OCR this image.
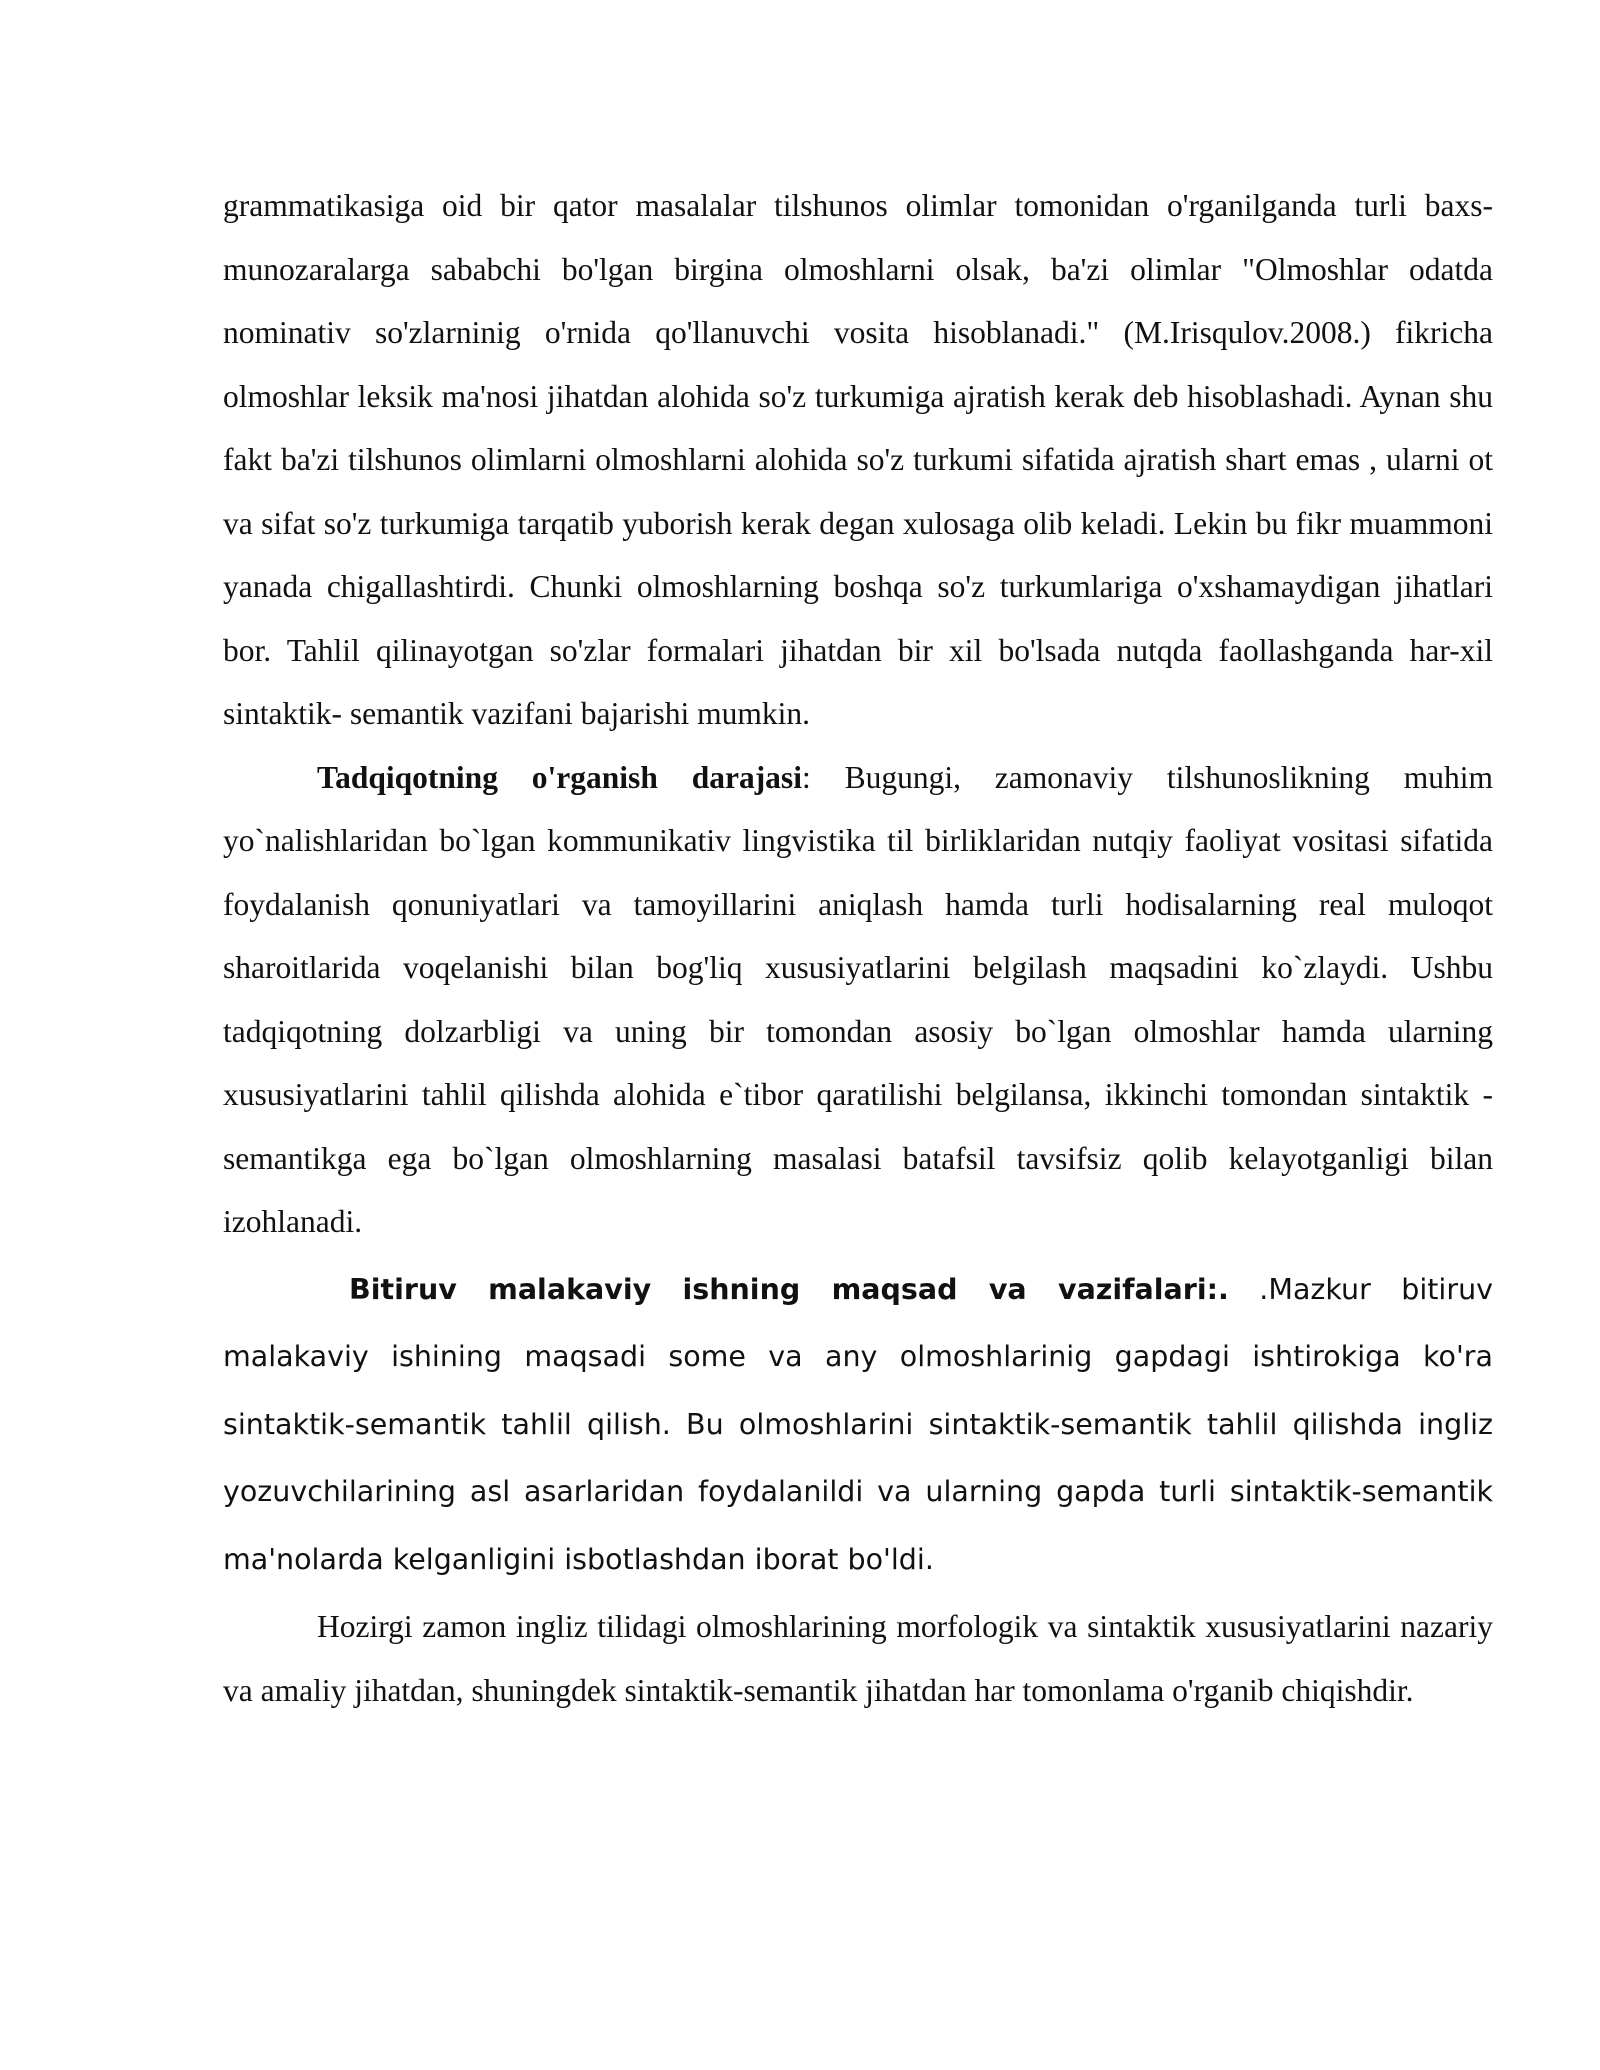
grammatikasiga oid bir qator masalalar tilshunos olimlar tomonidan o'rganilganda turli baxs-munozaralarga sababchi bo'lgan birgina olmoshlarni olsak, ba'zi olimlar "Olmoshlar odatda nominativ so'zlarninig o'rnida qo'llanuvchi vosita hisoblanadi." (M.Irisqulov.2008.) fikricha olmoshlar leksik ma'nosi jihatdan alohida so'z turkumiga ajratish kerak deb hisoblashadi. Aynan shu fakt ba'zi tilshunos olimlarni olmoshlarni alohida so'z turkumi sifatida ajratish shart emas , ularni ot va sifat so'z turkumiga tarqatib yuborish kerak degan xulosaga olib keladi. Lekin bu fikr muammoni yanada chigallashtirdi. Chunki olmoshlarning boshqa so'z turkumlariga o'xshamaydigan jihatlari bor. Tahlil qilinayotgan so'zlar formalari jihatdan bir xil bo'lsada nutqda faollashganda har-xil sintaktik- semantik vazifani bajarishi mumkin.

Tadqiqotning o'rganish darajasi: Bugungi, zamonaviy tilshunoslikning muhim yo`nalishlaridan bo`lgan kommunikativ lingvistika til birliklaridan nutqiy faoliyat vositasi sifatida foydalanish qonuniyatlari va tamoyillarini aniqlash hamda turli hodisalarning real muloqot sharoitlarida voqelanishi bilan bog'liq xususiyatlarini belgilash maqsadini ko`zlaydi. Ushbu tadqiqotning dolzarbligi va uning bir tomondan asosiy bo`lgan olmoshlar hamda ularning xususiyatlarini tahlil qilishda alohida e`tibor qaratilishi belgilansa, ikkinchi tomondan sintaktik - semantikga ega bo`lgan olmoshlarning masalasi batafsil tavsifsiz qolib kelayotganligi bilan izohlanadi.

Bitiruv malakaviy ishning maqsad va vazifalari:. .Mazkur bitiruv malakaviy ishining maqsadi some va any olmoshlarinig gapdagi ishtirokiga ko'ra sintaktik-semantik tahlil qilish. Bu olmoshlarini sintaktik-semantik tahlil qilishda ingliz yozuvchilarining asl asarlaridan foydalanildi va ularning gapda turli sintaktik-semantik ma'nolarda kelganligini isbotlashdan iborat bo'ldi.

Hozirgi zamon ingliz tilidagi olmoshlarining morfologik va sintaktik xususiyatlarini nazariy va amaliy jihatdan, shuningdek sintaktik-semantik jihatdan har tomonlama o'rganib chiqishdir.
